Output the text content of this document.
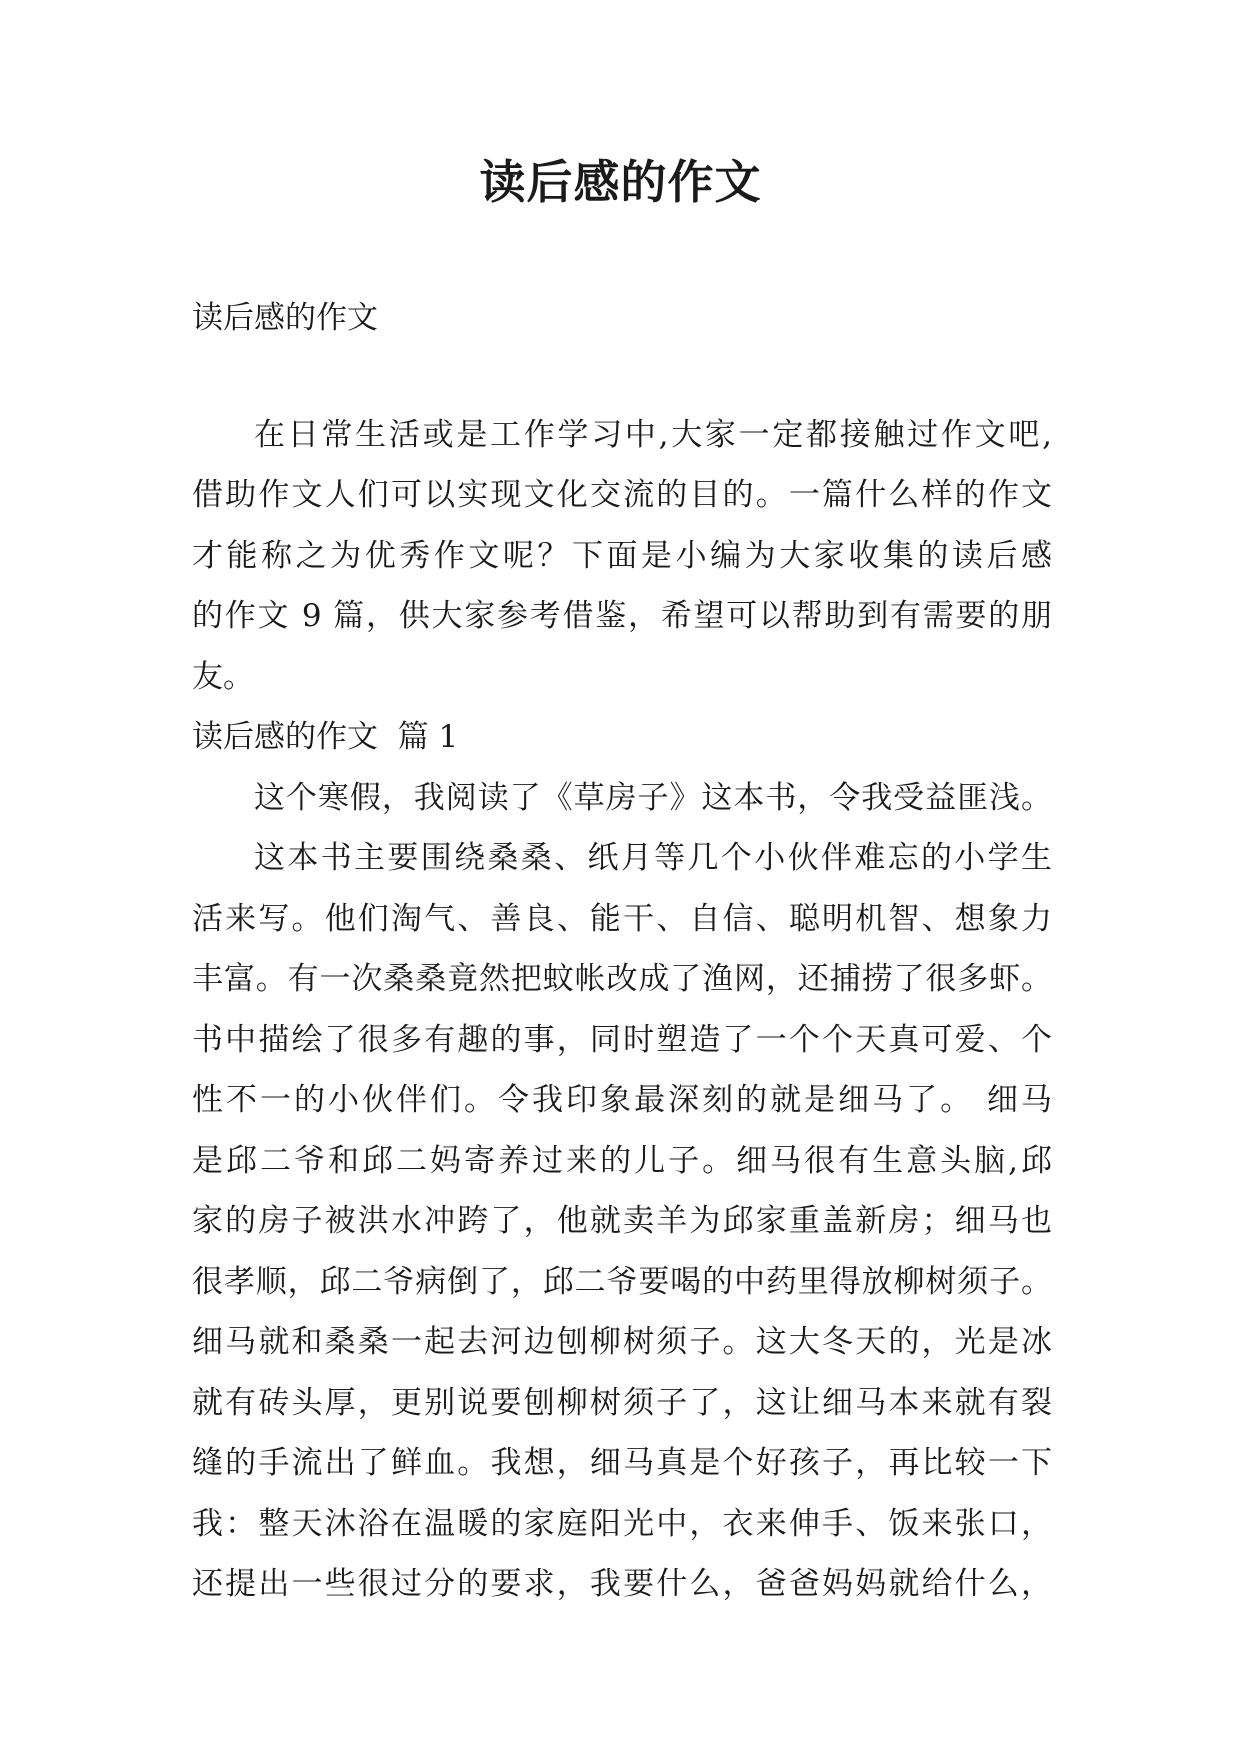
读后感的作文
读后感的作文
在日常生活或是工作学习中,大家一定都接触过作文吧,
借助作文人们可以实现文化交流的目的。一篇什么样的作文
才能称之为优秀作文呢？下面是小编为大家收集的读后感
的作文 9 篇，供大家参考借鉴，希望可以帮助到有需要的朋
友。
读后感的作文  篇 1
这个寒假，我阅读了《草房子》这本书，令我受益匪浅。
这本书主要围绕桑桑、纸月等几个小伙伴难忘的小学生
活来写。他们淘气、善良、能干、自信、聪明机智、想象力
丰富。有一次桑桑竟然把蚊帐改成了渔网，还捕捞了很多虾。
书中描绘了很多有趣的事，同时塑造了一个个天真可爱、个
性不一的小伙伴们。令我印象最深刻的就是细马了。 细马
是邱二爷和邱二妈寄养过来的儿子。细马很有生意头脑,邱
家的房子被洪水冲跨了，他就卖羊为邱家重盖新房；细马也
很孝顺，邱二爷病倒了，邱二爷要喝的中药里得放柳树须子。
细马就和桑桑一起去河边刨柳树须子。这大冬天的，光是冰
就有砖头厚，更别说要刨柳树须子了，这让细马本来就有裂
缝的手流出了鲜血。我想，细马真是个好孩子，再比较一下
我：整天沐浴在温暖的家庭阳光中，衣来伸手、饭来张口，
还提出一些很过分的要求，我要什么，爸爸妈妈就给什么，
